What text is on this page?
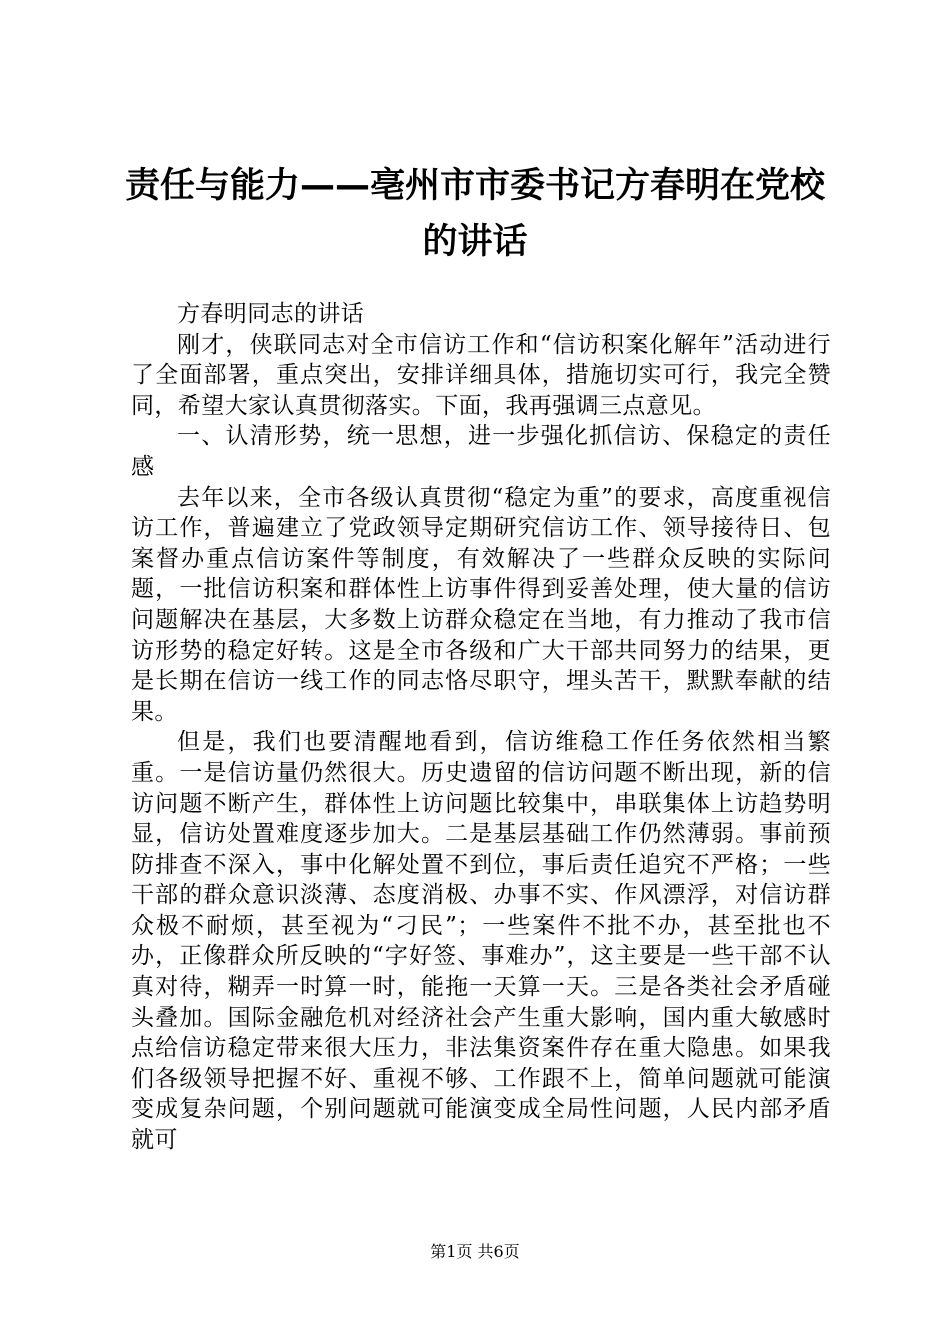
责任与能力——亳州市市委书记方春明在党校
的讲话

方春明同志的讲话

刚才，侠联同志对全市信访工作和“信访积案化解年”活动进行了全面部署，重点突出，安排详细具体，措施切实可行，我完全赞同，希望大家认真贯彻落实。下面，我再强调三点意见。

一、认清形势，统一思想，进一步强化抓信访、保稳定的责任感

去年以来，全市各级认真贯彻“稳定为重”的要求，高度重视信访工作，普遍建立了党政领导定期研究信访工作、领导接待日、包案督办重点信访案件等制度，有效解决了一些群众反映的实际问题，一批信访积案和群体性上访事件得到妥善处理，使大量的信访问题解决在基层，大多数上访群众稳定在当地，有力推动了我市信访形势的稳定好转。这是全市各级和广大干部共同努力的结果，更是长期在信访一线工作的同志恪尽职守，埋头苦干，默默奉献的结果。

但是，我们也要清醒地看到，信访维稳工作任务依然相当繁重。一是信访量仍然很大。历史遗留的信访问题不断出现，新的信访问题不断产生，群体性上访问题比较集中，串联集体上访趋势明显，信访处置难度逐步加大。二是基层基础工作仍然薄弱。事前预防排查不深入，事中化解处置不到位，事后责任追究不严格；一些干部的群众意识淡薄、态度消极、办事不实、作风漂浮，对信访群众极不耐烦，甚至视为“刁民”；一些案件不批不办，甚至批也不办，正像群众所反映的“字好签、事难办”，这主要是一些干部不认真对待，糊弄一时算一时，能拖一天算一天。三是各类社会矛盾碰头叠加。国际金融危机对经济社会产生重大影响，国内重大敏感时点给信访稳定带来很大压力，非法集资案件存在重大隐患。如果我们各级领导把握不好、重视不够、工作跟不上，简单问题就可能演变成复杂问题，个别问题就可能演变成全局性问题，人民内部矛盾就可

第1页 共6页
